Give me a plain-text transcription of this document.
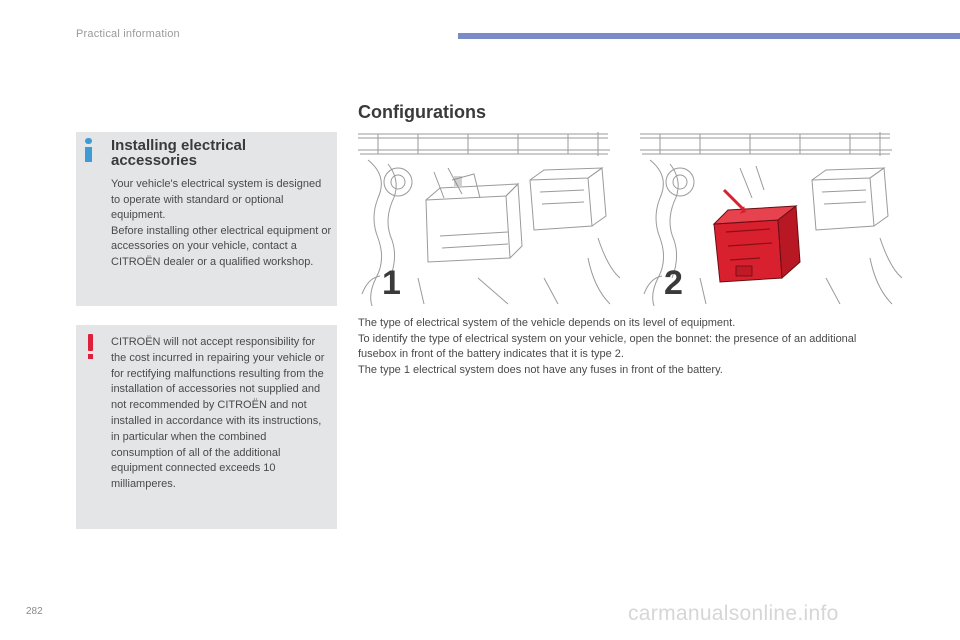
Practical information
Installing electrical accessories

Your vehicle's electrical system is designed to operate with standard or optional equipment.

Before installing other electrical equipment or accessories on your vehicle, contact a CITROËN dealer or a qualified workshop.

CITROËN will not accept responsibility for the cost incurred in repairing your vehicle or for rectifying malfunctions resulting from the installation of accessories not supplied and not recommended by CITROËN and not installed in accordance with its instructions, in particular when the combined consumption of all of the additional equipment connected exceeds 10 milliamperes.
Configurations
1	2

The type of electrical system of the vehicle depends on its level of equipment.

To identify the type of electrical system on your vehicle, open the bonnet: the presence of an additional fusebox in front of the battery indicates that it is type 2.

The type 1 electrical system does not have any fuses in front of the battery.

282	carmanualsonline.info
